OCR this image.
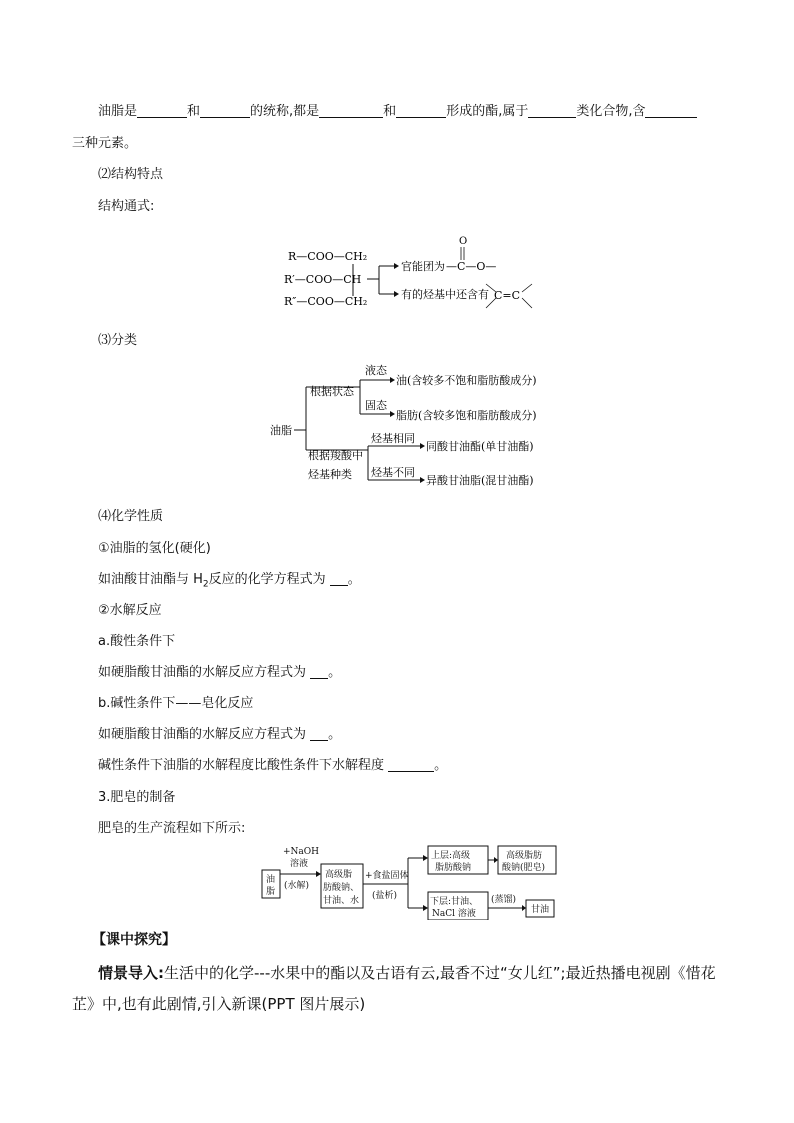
油脂是	和	的统称,都是	和	形成的酯,属于	类化合物,含
三种元素。
⑵结构特点
结构通式:
R—COO—CH₂
R′—COO—CH
R″—COO—CH₂
官能团为
O
—C—O—
有的烃基中还含有 C=C
⑶分类
油脂
根据状态
根据羧酸中
烃基种类
液态
油(含较多不饱和脂肪酸成分)
固态
脂肪(含较多饱和脂肪酸成分)
烃基相同
同酸甘油酯(单甘油酯)
烃基不同
异酸甘油脂(混甘油酯)
⑷化学性质
①油脂的氢化(硬化)
如油酸甘油酯与 $H_2$反应的化学方程式为 。
②水解反应
a.酸性条件下
如硬脂酸甘油酯的水解反应方程式为 。
b.碱性条件下——皂化反应
如硬脂酸甘油酯的水解反应方程式为 。
碱性条件下油脂的水解程度比酸性条件下水解程度	。
3.肥皂的制备
肥皂的生产流程如下所示:
油
脂
+NaOH
溶液
(水解)
高级脂
肪酸钠、
甘油、水
+食盐固体
(盐析)
上层:高级
脂肪酸钠
高级脂肪
酸钠(肥皂)
下层:甘油、
NaCl 溶液
(蒸馏)
甘油
【课中探究】
情景导入:生活中的化学---水果中的酯以及古语有云,最香不过“女儿红”;最近热播电视剧《惜花
芷》中,也有此剧情,引入新课(PPT 图片展示)
